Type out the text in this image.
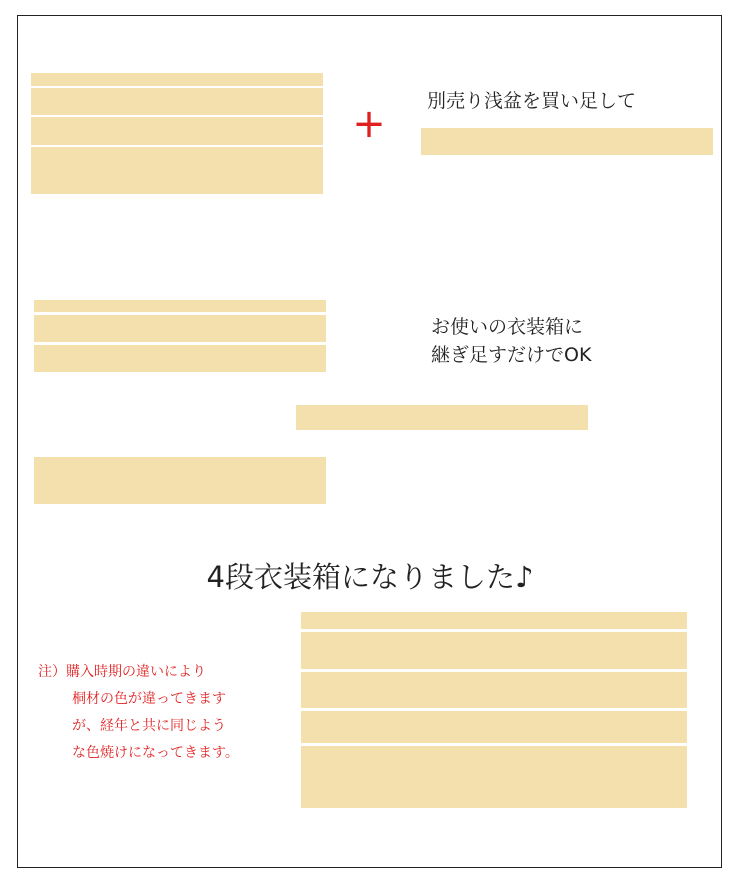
+ 別売り浅盆を買い足して
お使いの衣装箱に
継ぎ足すだけでOK
4段衣装箱になりました♪
注）購入時期の違いにより
桐材の色が違ってきます
が、経年と共に同じよう
な色焼けになってきます。
